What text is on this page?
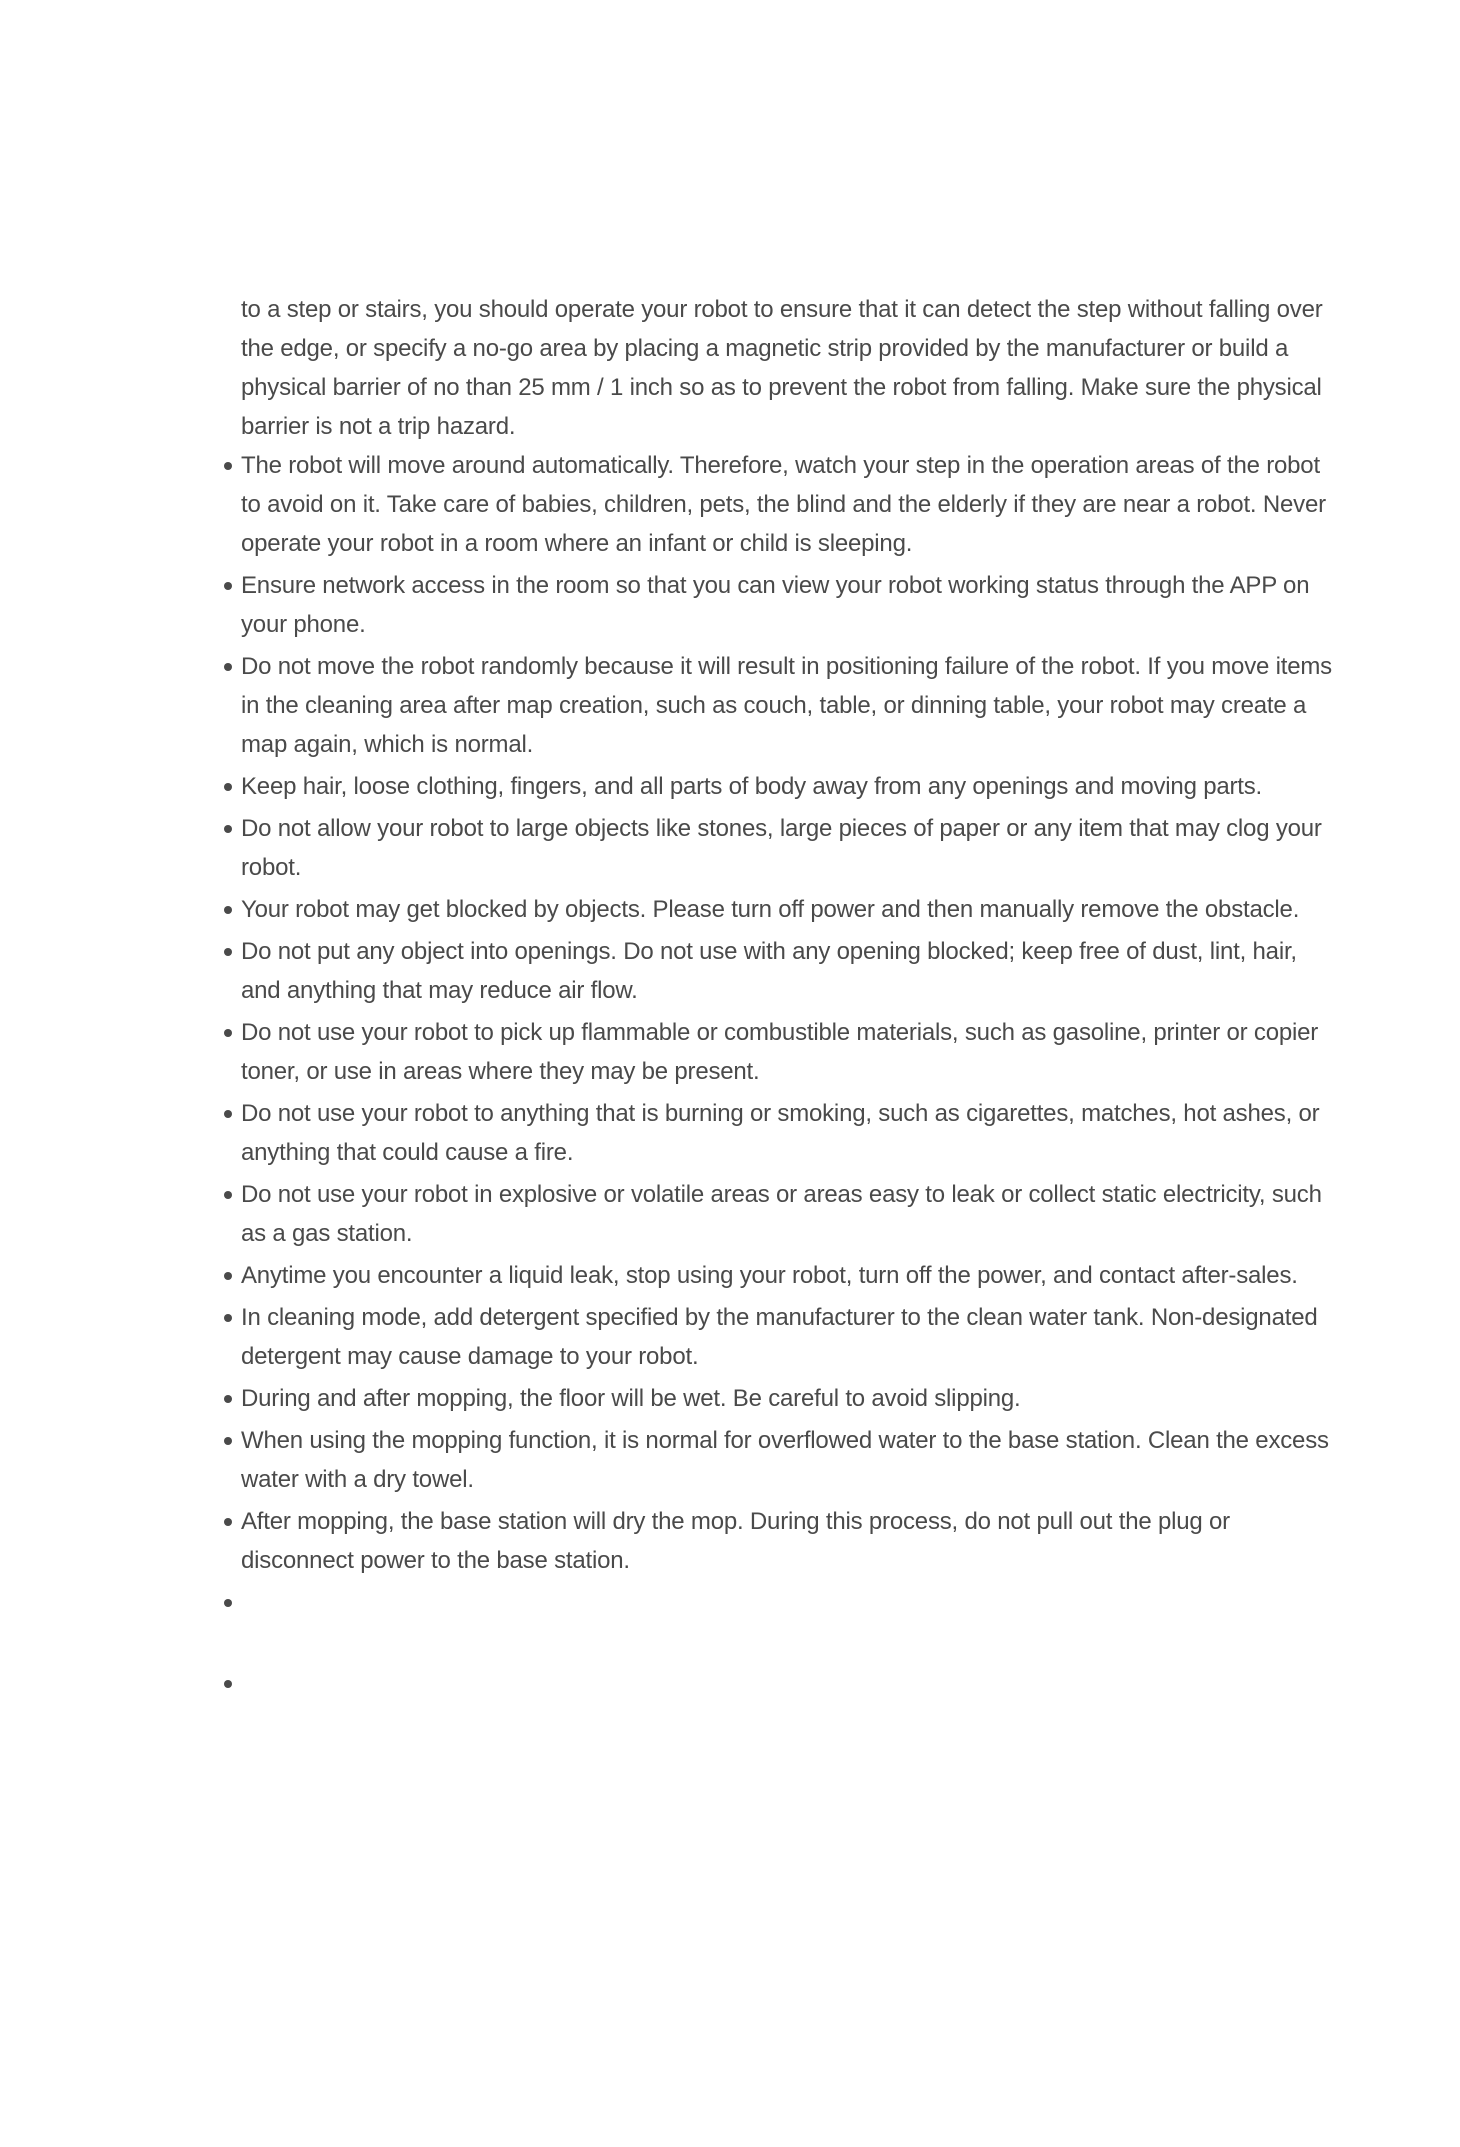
to a step or stairs, you should operate your robot to ensure that it can detect the step without falling over the edge, or specify a no-go area by placing a magnetic strip provided by the manufacturer or build a physical barrier of no than 25 mm / 1 inch so as to prevent the robot from falling. Make sure the physical barrier is not a trip hazard.
The robot will move around automatically. Therefore, watch your step in the operation areas of the robot to avoid on it. Take care of babies, children, pets, the blind and the elderly if they are near a robot. Never operate your robot in a room where an infant or child is sleeping.
Ensure network access in the room so that you can view your robot working status through the APP on your phone.
Do not move the robot randomly because it will result in positioning failure of the robot. If you move items in the cleaning area after map creation, such as couch, table, or dinning table, your robot may create a map again, which is normal.
Keep hair, loose clothing, fingers, and all parts of body away from any openings and moving parts.
Do not allow your robot to large objects like stones, large pieces of paper or any item that may clog your robot.
Your robot may get blocked by objects. Please turn off power and then manually remove the obstacle.
Do not put any object into openings. Do not use with any opening blocked; keep free of dust, lint, hair, and anything that may reduce air flow.
Do not use your robot to pick up flammable or combustible materials, such as gasoline, printer or copier toner, or use in areas where they may be present.
Do not use your robot to anything that is burning or smoking, such as cigarettes, matches, hot ashes, or anything that could cause a fire.
Do not use your robot in explosive or volatile areas or areas easy to leak or collect static electricity, such as a gas station.
Anytime you encounter a liquid leak, stop using your robot, turn off the power, and contact after-sales.
In cleaning mode, add detergent specified by the manufacturer to the clean water tank. Non-designated detergent may cause damage to your robot.
During and after mopping, the floor will be wet. Be careful to avoid slipping.
When using the mopping function, it is normal for overflowed water to the base station. Clean the excess water with a dry towel.
After mopping, the base station will dry the mop. During this process, do not pull out the plug or disconnect power to the base station.
